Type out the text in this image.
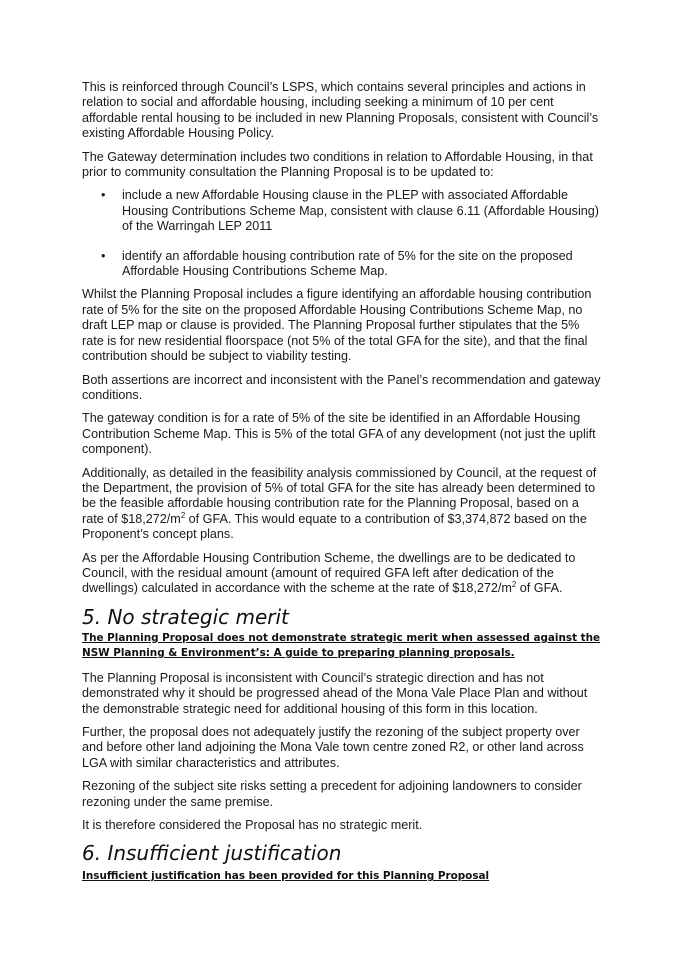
This is reinforced through Council’s LSPS, which contains several principles and actions in relation to social and affordable housing, including seeking a minimum of 10 per cent affordable rental housing to be included in new Planning Proposals, consistent with Council’s existing Affordable Housing Policy.

The Gateway determination includes two conditions in relation to Affordable Housing, in that prior to community consultation the Planning Proposal is to be updated to:

• include a new Affordable Housing clause in the PLEP with associated Affordable Housing Contributions Scheme Map, consistent with clause 6.11 (Affordable Housing) of the Warringah LEP 2011
• identify an affordable housing contribution rate of 5% for the site on the proposed Affordable Housing Contributions Scheme Map.

Whilst the Planning Proposal includes a figure identifying an affordable housing contribution rate of 5% for the site on the proposed Affordable Housing Contributions Scheme Map, no draft LEP map or clause is provided. The Planning Proposal further stipulates that the 5% rate is for new residential floorspace (not 5% of the total GFA for the site), and that the final contribution should be subject to viability testing.

Both assertions are incorrect and inconsistent with the Panel’s recommendation and gateway conditions.

The gateway condition is for a rate of 5% of the site be identified in an Affordable Housing Contribution Scheme Map. This is 5% of the total GFA of any development (not just the uplift component).

Additionally, as detailed in the feasibility analysis commissioned by Council, at the request of the Department, the provision of 5% of total GFA for the site has already been determined to be the feasible affordable housing contribution rate for the Planning Proposal, based on a rate of $\$18,272/m^2$ of GFA. This would equate to a contribution of $3,374,872 based on the Proponent’s concept plans.

As per the Affordable Housing Contribution Scheme, the dwellings are to be dedicated to Council, with the residual amount (amount of required GFA left after dedication of the dwellings) calculated in accordance with the scheme at the rate of $\$18,272/m^2$ of GFA.

5. No strategic merit
The Planning Proposal does not demonstrate strategic merit when assessed against the NSW Planning & Environment’s: A guide to preparing planning proposals.

The Planning Proposal is inconsistent with Council’s strategic direction and has not demonstrated why it should be progressed ahead of the Mona Vale Place Plan and without the demonstrable strategic need for additional housing of this form in this location.

Further, the proposal does not adequately justify the rezoning of the subject property over and before other land adjoining the Mona Vale town centre zoned R2, or other land across LGA with similar characteristics and attributes.

Rezoning of the subject site risks setting a precedent for adjoining landowners to consider rezoning under the same premise.

It is therefore considered the Proposal has no strategic merit.

6. Insufficient justification
Insufficient justification has been provided for this Planning Proposal
